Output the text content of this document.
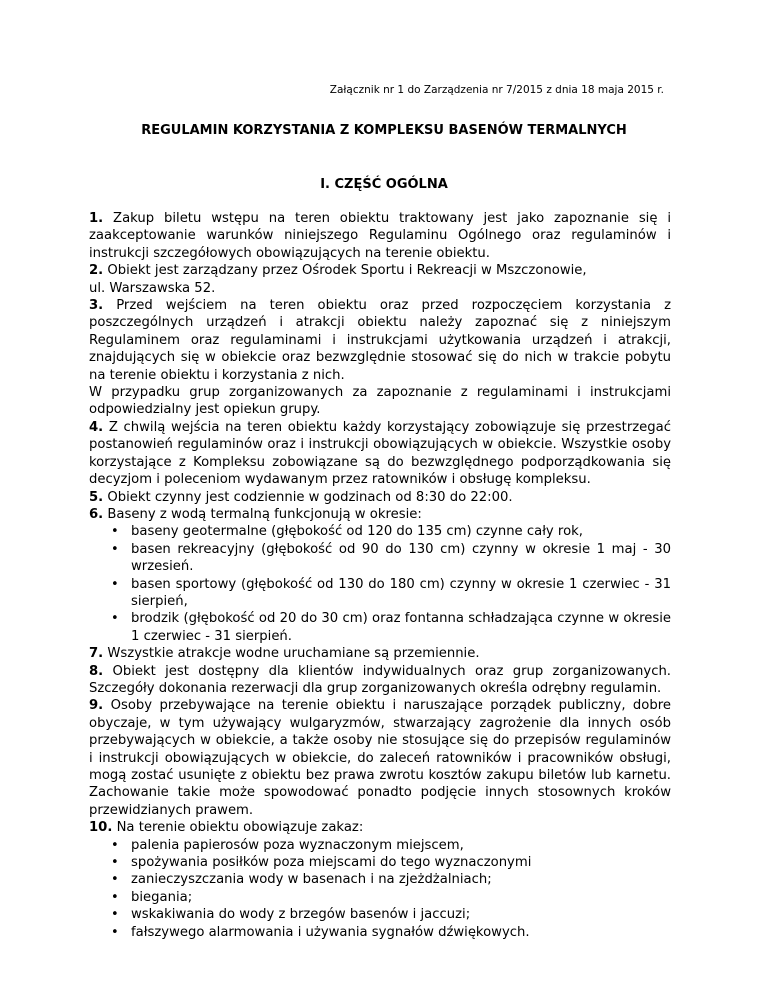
Załącznik nr 1 do Zarządzenia nr 7/2015 z dnia 18 maja 2015 r.
REGULAMIN KORZYSTANIA Z KOMPLEKSU BASENÓW TERMALNYCH
I. CZĘŚĆ OGÓLNA

1. Zakup biletu wstępu na teren obiektu traktowany jest jako zapoznanie się i zaakceptowanie warunków niniejszego Regulaminu Ogólnego oraz regulaminów i instrukcji szczegółowych obowiązujących na terenie obiektu.

2. Obiekt jest zarządzany przez Ośrodek Sportu i Rekreacji w Mszczonowie,
ul. Warszawska 52.

3. Przed wejściem na teren obiektu oraz przed rozpoczęciem korzystania z poszczególnych urządzeń i atrakcji obiektu należy zapoznać się z niniejszym Regulaminem oraz regulaminami i instrukcjami użytkowania urządzeń i atrakcji, znajdujących się w obiekcie oraz bezwzględnie stosować się do nich w trakcie pobytu na terenie obiektu i korzystania z nich.

W przypadku grup zorganizowanych za zapoznanie z regulaminami i instrukcjami odpowiedzialny jest opiekun grupy.

4. Z chwilą wejścia na teren obiektu każdy korzystający zobowiązuje się przestrzegać postanowień regulaminów oraz i instrukcji obowiązujących w obiekcie. Wszystkie osoby korzystające z Kompleksu zobowiązane są do bezwzględnego podporządkowania się decyzjom i poleceniom wydawanym przez ratowników i obsługę kompleksu.

5. Obiekt czynny jest codziennie w godzinach od 8:30 do 22:00.

6. Baseny z wodą termalną funkcjonują w okresie:

• baseny geotermalne (głębokość od 120 do 135 cm) czynne cały rok,
• basen rekreacyjny (głębokość od 90 do 130 cm) czynny w okresie 1 maj - 30 wrzesień.
• basen sportowy (głębokość od 130 do 180 cm) czynny w okresie 1 czerwiec - 31 sierpień,
• brodzik (głębokość od 20 do 30 cm) oraz fontanna schładzająca czynne w okresie 1 czerwiec - 31 sierpień.

7. Wszystkie atrakcje wodne uruchamiane są przemiennie.

8. Obiekt jest dostępny dla klientów indywidualnych oraz grup zorganizowanych. Szczegóły dokonania rezerwacji dla grup zorganizowanych określa odrębny regulamin.

9. Osoby przebywające na terenie obiektu i naruszające porządek publiczny, dobre obyczaje, w tym używający wulgaryzmów, stwarzający zagrożenie dla innych osób przebywających w obiekcie, a także osoby nie stosujące się do przepisów regulaminów i instrukcji obowiązujących w obiekcie, do zaleceń ratowników i pracowników obsługi, mogą zostać usunięte z obiektu bez prawa zwrotu kosztów zakupu biletów lub karnetu. Zachowanie takie może spowodować ponadto podjęcie innych stosownych kroków przewidzianych prawem.

10. Na terenie obiektu obowiązuje zakaz:

• palenia papierosów poza wyznaczonym miejscem,
• spożywania posiłków poza miejscami do tego wyznaczonymi
• zanieczyszczania wody w basenach i na zjeżdżalniach;
• biegania;
• wskakiwania do wody z brzegów basenów i jaccuzi;
• fałszywego alarmowania i używania sygnałów dźwiękowych.
